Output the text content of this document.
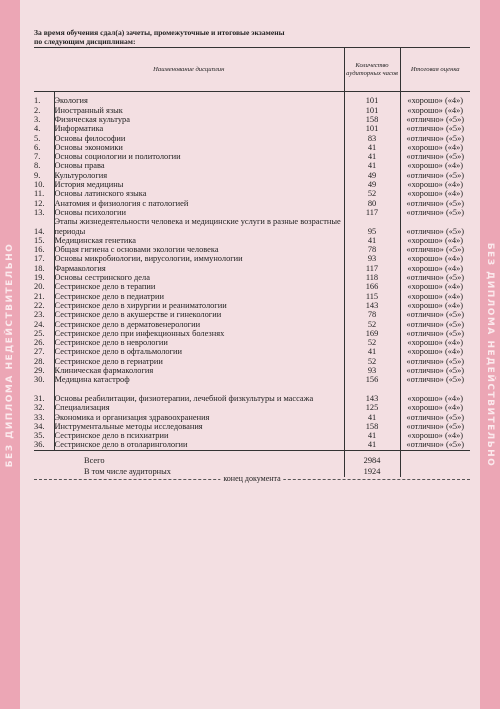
БЕЗ ДИПЛОМА НЕДЕЙСТВИТЕЛЬНО	БЕЗ ДИПЛОМА НЕДЕЙСТВИТЕЛЬНО
За время обучения сдал(а) зачеты, промежуточные и итоговые экзамены
по следующим дисциплинам:
Наименование дисциплин		Количество аудиторных часов	Итоговая оценка
1.	Экология	101	«хорошо» («4»)
2.	Иностранный язык	101	«хорошо» («4»)
3.	Физическая культура	158	«отлично» («5»)
4.	Информатика	101	«отлично» («5»)
5.	Основы философии	83	«отлично» («5»)
6.	Основы экономики	41	«хорошо» («4»)
7.	Основы социологии и политологии	41	«отлично» («5»)
8.	Основы права	41	«хорошо» («4»)
9.	Культурология	49	«отлично» («5»)
10.	История медицины	49	«хорошо» («4»)
11.	Основы латинского языка	52	«хорошо» («4»)
12.	Анатомия и физиология с патологией	80	«отлично» («5»)
13.	Основы психологии	117	«отлично» («5»)
14.	Этапы жизнедеятельности человека и медицинские услуги в разные возрастные периоды	95	«отлично» («5»)
15.	Медицинская генетика	41	«хорошо» («4»)
16.	Общая гигиена с основами экологии человека	78	«отлично» («5»)
17.	Основы микробиологии, вирусологии, иммунологии	93	«хорошо» («4»)
18.	Фармакология	117	«хорошо» («4»)
19.	Основы сестринского дела	118	«отлично» («5»)
20.	Сестринское дело в терапии	166	«хорошо» («4»)
21.	Сестринское дело в педиатрии	115	«хорошо» («4»)
22.	Сестринское дело в хирургии и реаниматологии	143	«хорошо» («4»)
23.	Сестринское дело в акушерстве и гинекологии	78	«отлично» («5»)
24.	Сестринское дело в дерматовенерологии	52	«отлично» («5»)
25.	Сестринское дело при инфекционных болезнях	169	«отлично» («5»)
26.	Сестринское дело в неврологии	52	«хорошо» («4»)
27.	Сестринское дело в офтальмологии	41	«хорошо» («4»)
28.	Сестринское дело в гериатрии	52	«отлично» («5»)
29.	Клиническая фармакология	93	«отлично» («5»)
30.	Медицина катастроф	156	«отлично» («5»)
31.	Основы реабилитации, физиотерапии, лечебной физкультуры и массажа	143	«хорошо» («4»)
32.	Специализация	125	«хорошо» («4»)
33.	Экономика и организация здравоохранения	41	«отлично» («5»)
34.	Инструментальные методы исследования	158	«отлично» («5»)
35.	Сестринское дело в психиатрии	41	«хорошо» («4»)
36.	Сестринское дело в отоларингологии	41	«отлично» («5»)
	Всего	2984	
	В том числе аудиторных	1924	
конец документа
